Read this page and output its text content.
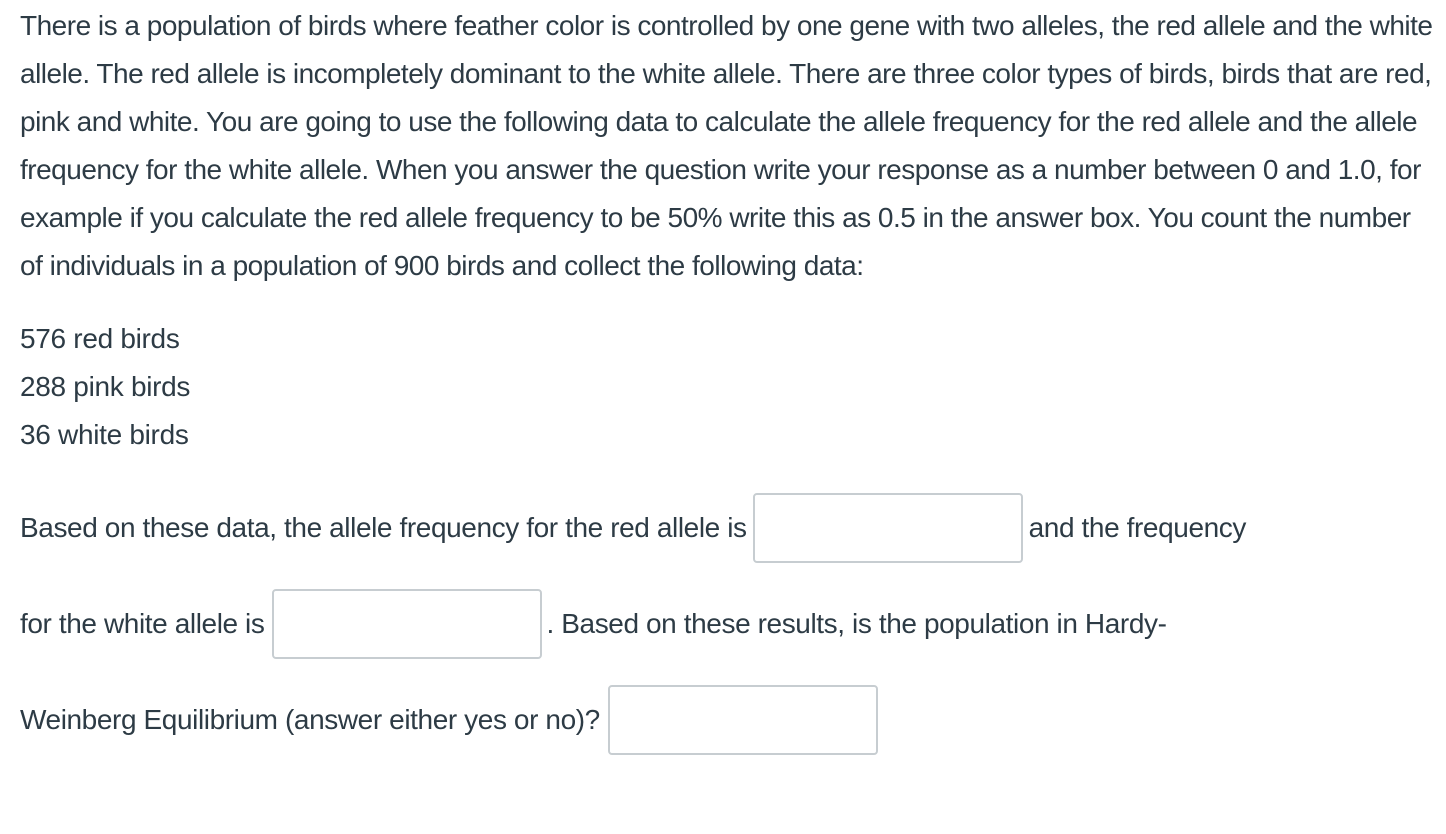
There is a population of birds where feather color is controlled by one gene with two alleles, the red allele and the white allele. The red allele is incompletely dominant to the white allele. There are three color types of birds, birds that are red, pink and white. You are going to use the following data to calculate the allele frequency for the red allele and the allele frequency for the white allele. When you answer the question write your response as a number between 0 and 1.0, for example if you calculate the red allele frequency to be 50% write this as 0.5 in the answer box. You count the number of individuals in a population of 900 birds and collect the following data:

576 red birds
288 pink birds
36 white birds
Based on these data, the allele frequency for the red allele is	and the frequency
for the white allele is	. Based on these results, is the population in Hardy-
Weinberg Equilibrium (answer either yes or no)?
